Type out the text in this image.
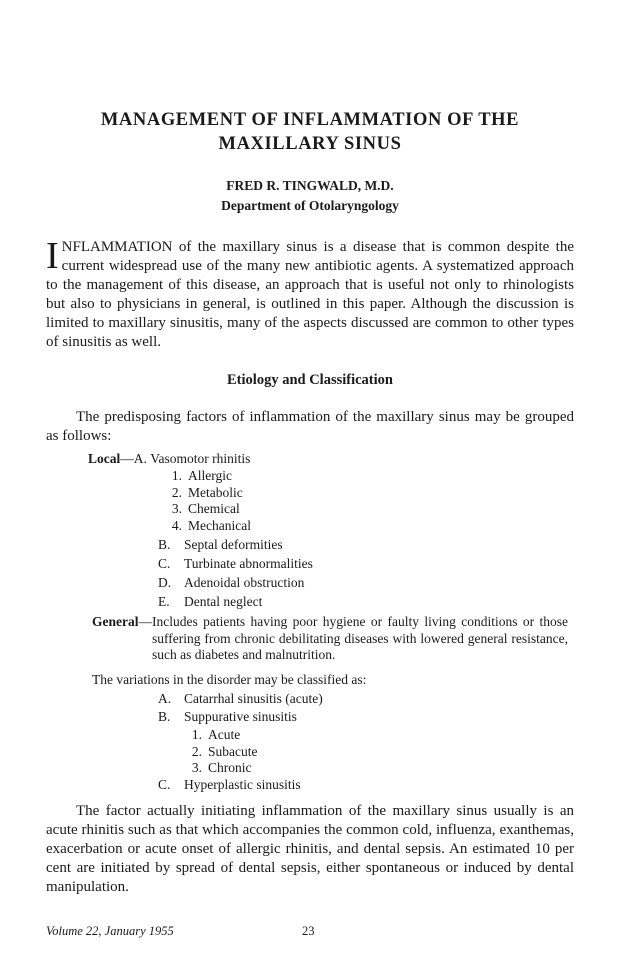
MANAGEMENT OF INFLAMMATION OF THE
MAXILLARY SINUS
FRED R. TINGWALD, M.D.
Department of Otolaryngology
INFLAMMATION of the maxillary sinus is a disease that is common despite the current widespread use of the many new antibiotic agents. A systematized approach to the management of this disease, an approach that is useful not only to rhinologists but also to physicians in general, is outlined in this paper. Although the discussion is limited to maxillary sinusitis, many of the aspects discussed are common to other types of sinusitis as well.
Etiology and Classification
The predisposing factors of inflammation of the maxillary sinus may be grouped as follows:
Local — A.
Vasomotor rhinitis
1. Allergic
2. Metabolic
3. Chemical
4. Mechanical
B. Septal deformities
C. Turbinate abnormalities
D. Adenoidal obstruction
E. Dental neglect
General — Includes patients having poor hygiene or faulty living conditions or those suffering from chronic debilitating diseases with lowered general resistance, such as diabetes and malnutrition.
The variations in the disorder may be classified as:
A. Catarrhal sinusitis (acute)
B. Suppurative sinusitis
1. Acute
2. Subacute
3. Chronic
C. Hyperplastic sinusitis
The factor actually initiating inflammation of the maxillary sinus usually is an acute rhinitis such as that which accompanies the common cold, influenza, exanthemas, exacerbation or acute onset of allergic rhinitis, and dental sepsis. An estimated 10 per cent are initiated by spread of dental sepsis, either spontaneous or induced by dental manipulation.
Volume 22, January 1955	23
